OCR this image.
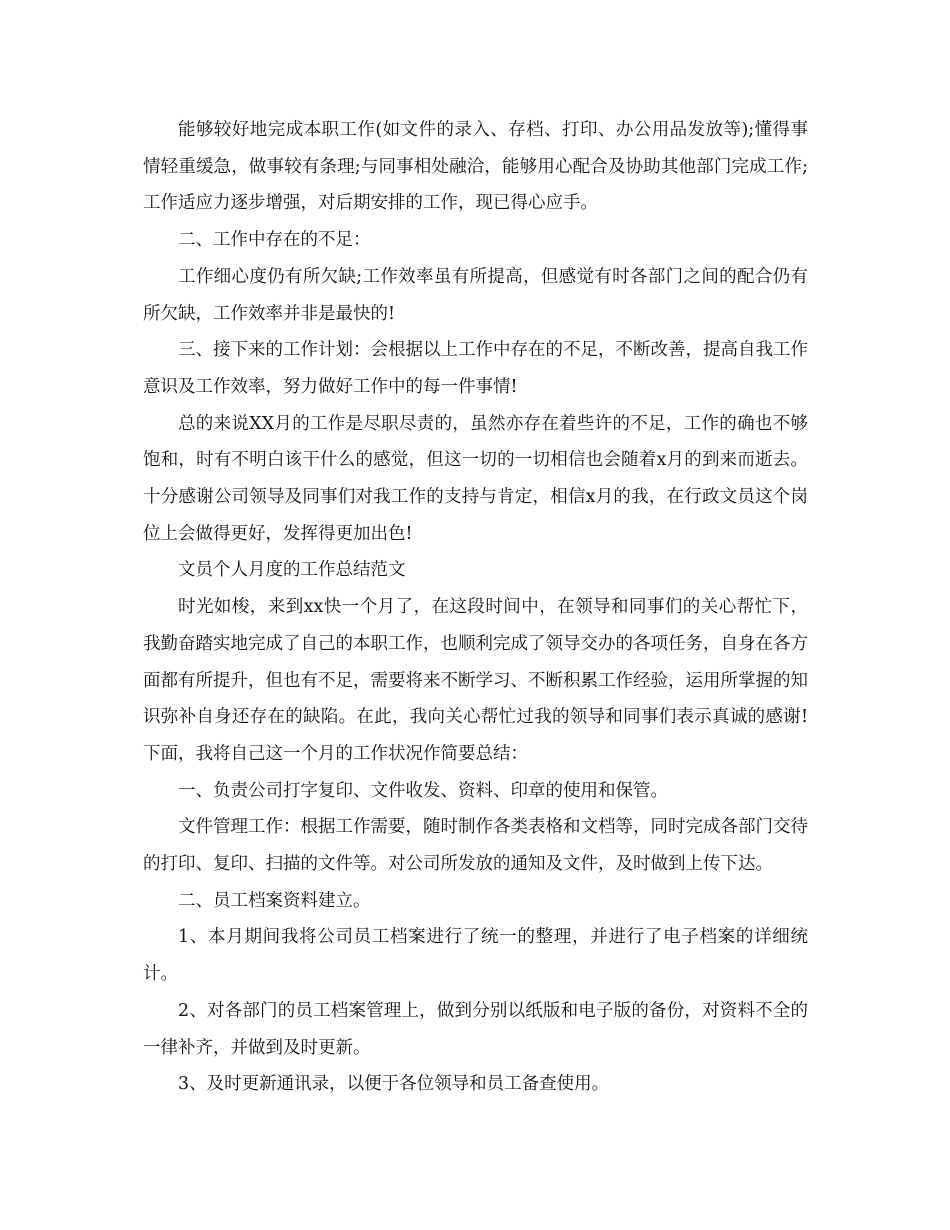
能够较好地完成本职工作(如文件的录入、存档、打印、办公用品发放等);懂得事情轻重缓急，做事较有条理;与同事相处融洽，能够用心配合及协助其他部门完成工作;工作适应力逐步增强，对后期安排的工作，现已得心应手。

二、工作中存在的不足：

工作细心度仍有所欠缺;工作效率虽有所提高，但感觉有时各部门之间的配合仍有所欠缺，工作效率并非是最快的!

三、接下来的工作计划：会根据以上工作中存在的不足，不断改善，提高自我工作意识及工作效率，努力做好工作中的每一件事情!

总的来说XX月的工作是尽职尽责的，虽然亦存在着些许的不足，工作的确也不够饱和，时有不明白该干什么的感觉，但这一切的一切相信也会随着x月的到来而逝去。十分感谢公司领导及同事们对我工作的支持与肯定，相信x月的我，在行政文员这个岗位上会做得更好，发挥得更加出色!

文员个人月度的工作总结范文

时光如梭，来到xx快一个月了，在这段时间中，在领导和同事们的关心帮忙下，我勤奋踏实地完成了自己的本职工作，也顺利完成了领导交办的各项任务，自身在各方面都有所提升，但也有不足，需要将来不断学习、不断积累工作经验，运用所掌握的知识弥补自身还存在的缺陷。在此，我向关心帮忙过我的领导和同事们表示真诚的感谢!下面，我将自己这一个月的工作状况作简要总结：

一、负责公司打字复印、文件收发、资料、印章的使用和保管。

文件管理工作：根据工作需要，随时制作各类表格和文档等，同时完成各部门交待的打印、复印、扫描的文件等。对公司所发放的通知及文件，及时做到上传下达。

二、员工档案资料建立。

1、本月期间我将公司员工档案进行了统一的整理，并进行了电子档案的详细统计。

2、对各部门的员工档案管理上，做到分别以纸版和电子版的备份，对资料不全的一律补齐，并做到及时更新。

3、及时更新通讯录，以便于各位领导和员工备查使用。
